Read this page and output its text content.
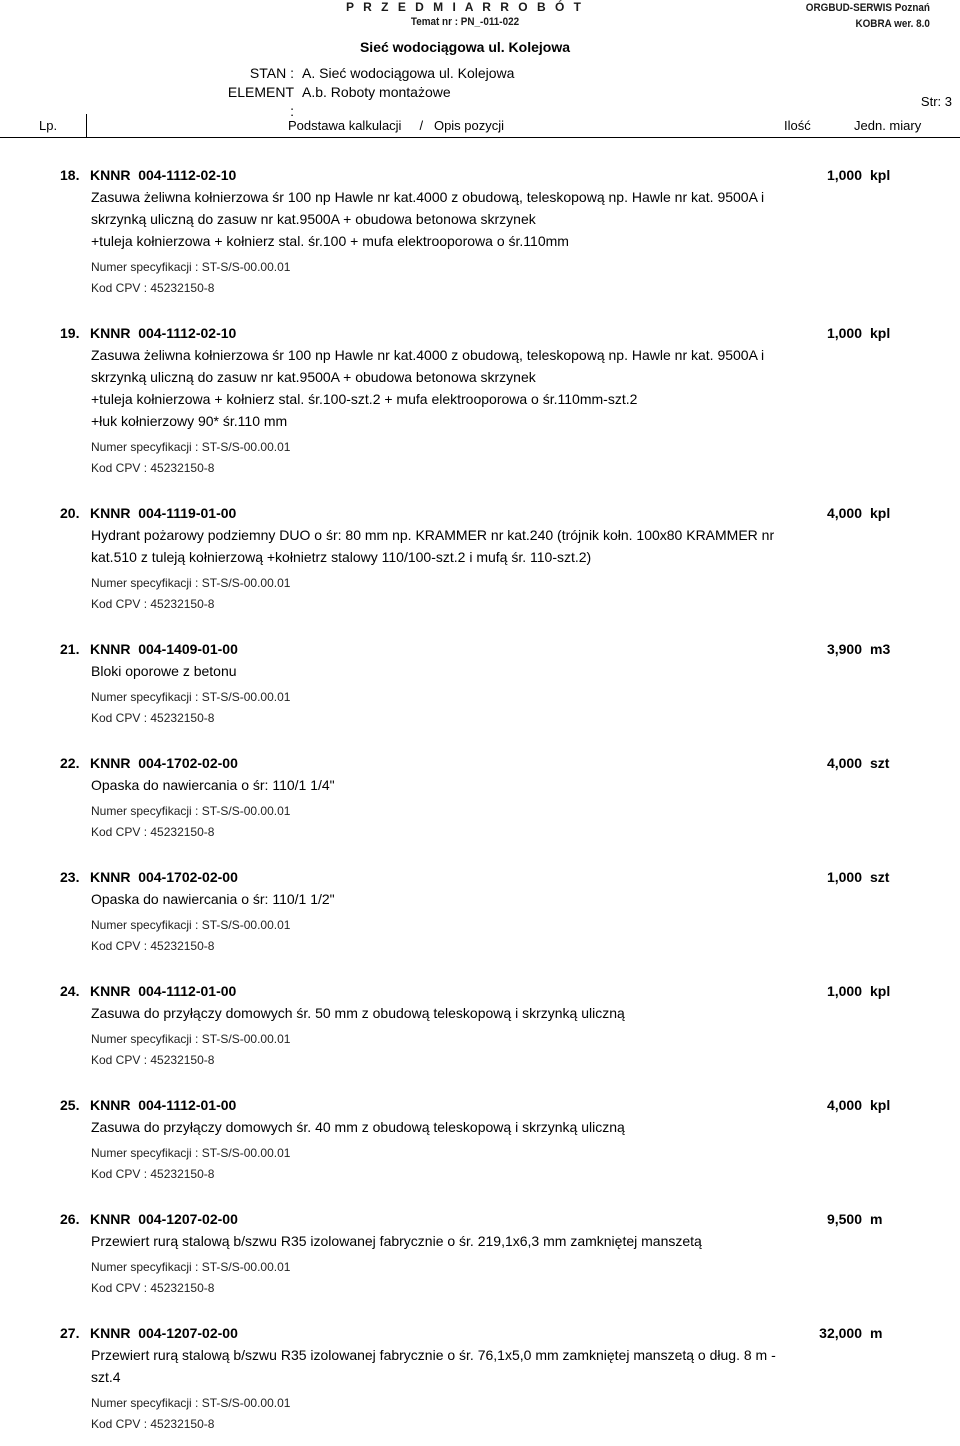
P R Z E D M I A R R O B Ó T
Temat nr : PN_-011-022
ORGBUD-SERWIS Poznań
KOBRA wer. 8.0
Sieć wodociągowa ul. Kolejowa
STAN : A. Sieć wodociągowa ul. Kolejowa
ELEMENT :
A.b. Roboty montażowe
Str: 3
Lp.	Podstawa kalkulacji     /   Opis pozycji	Ilość	Jedn. miary
18. KNNR  004-1112-02-10	1,000 kpl
Zasuwa żeliwna kołnierzowa śr 100 np Hawle nr kat.4000 z obudową, teleskopową np. Hawle nr kat. 9500A i
skrzynką uliczną do zasuw nr kat.9500A + obudowa betonowa skrzynek
+tuleja kołnierzowa + kołnierz stal. śr.100 + mufa elektrooporowa o śr.110mm
Numer specyfikacji : ST-S/S-00.00.01
Kod CPV : 45232150-8
19. KNNR  004-1112-02-10	1,000 kpl
Zasuwa żeliwna kołnierzowa śr 100 np Hawle nr kat.4000 z obudową, teleskopową np. Hawle nr kat. 9500A i
skrzynką uliczną do zasuw nr kat.9500A + obudowa betonowa skrzynek
+tuleja kołnierzowa + kołnierz stal. śr.100-szt.2 + mufa elektrooporowa o śr.110mm-szt.2
+łuk kołnierzowy 90* śr.110 mm
Numer specyfikacji : ST-S/S-00.00.01
Kod CPV : 45232150-8
20. KNNR  004-1119-01-00	4,000 kpl
Hydrant pożarowy podziemny DUO o śr: 80 mm np. KRAMMER nr kat.240 (trójnik kołn. 100x80 KRAMMER nr
kat.510 z tuleją kołnierzową +kołnietrz stalowy 110/100-szt.2 i mufą śr. 110-szt.2)
Numer specyfikacji : ST-S/S-00.00.01
Kod CPV : 45232150-8
21. KNNR  004-1409-01-00	3,900 m3
Bloki oporowe z betonu
Numer specyfikacji : ST-S/S-00.00.01
Kod CPV : 45232150-8
22. KNNR  004-1702-02-00	4,000 szt
Opaska do nawiercania o śr: 110/1 1/4"
Numer specyfikacji : ST-S/S-00.00.01
Kod CPV : 45232150-8
23. KNNR  004-1702-02-00	1,000 szt
Opaska do nawiercania o śr: 110/1 1/2"
Numer specyfikacji : ST-S/S-00.00.01
Kod CPV : 45232150-8
24. KNNR  004-1112-01-00	1,000 kpl
Zasuwa do przyłączy domowych śr. 50 mm z obudową teleskopową i skrzynką uliczną
Numer specyfikacji : ST-S/S-00.00.01
Kod CPV : 45232150-8
25. KNNR  004-1112-01-00	4,000 kpl
Zasuwa do przyłączy domowych śr. 40 mm z obudową teleskopową i skrzynką uliczną
Numer specyfikacji : ST-S/S-00.00.01
Kod CPV : 45232150-8
26. KNNR  004-1207-02-00	9,500 m
Przewiert rurą stalową b/szwu R35 izolowanej fabrycznie o śr. 219,1x6,3 mm zamkniętej manszetą
Numer specyfikacji : ST-S/S-00.00.01
Kod CPV : 45232150-8
27. KNNR  004-1207-02-00	32,000 m
Przewiert rurą stalową b/szwu R35 izolowanej fabrycznie o śr. 76,1x5,0 mm zamkniętej manszetą o dług. 8 m -
szt.4
Numer specyfikacji : ST-S/S-00.00.01
Kod CPV : 45232150-8
